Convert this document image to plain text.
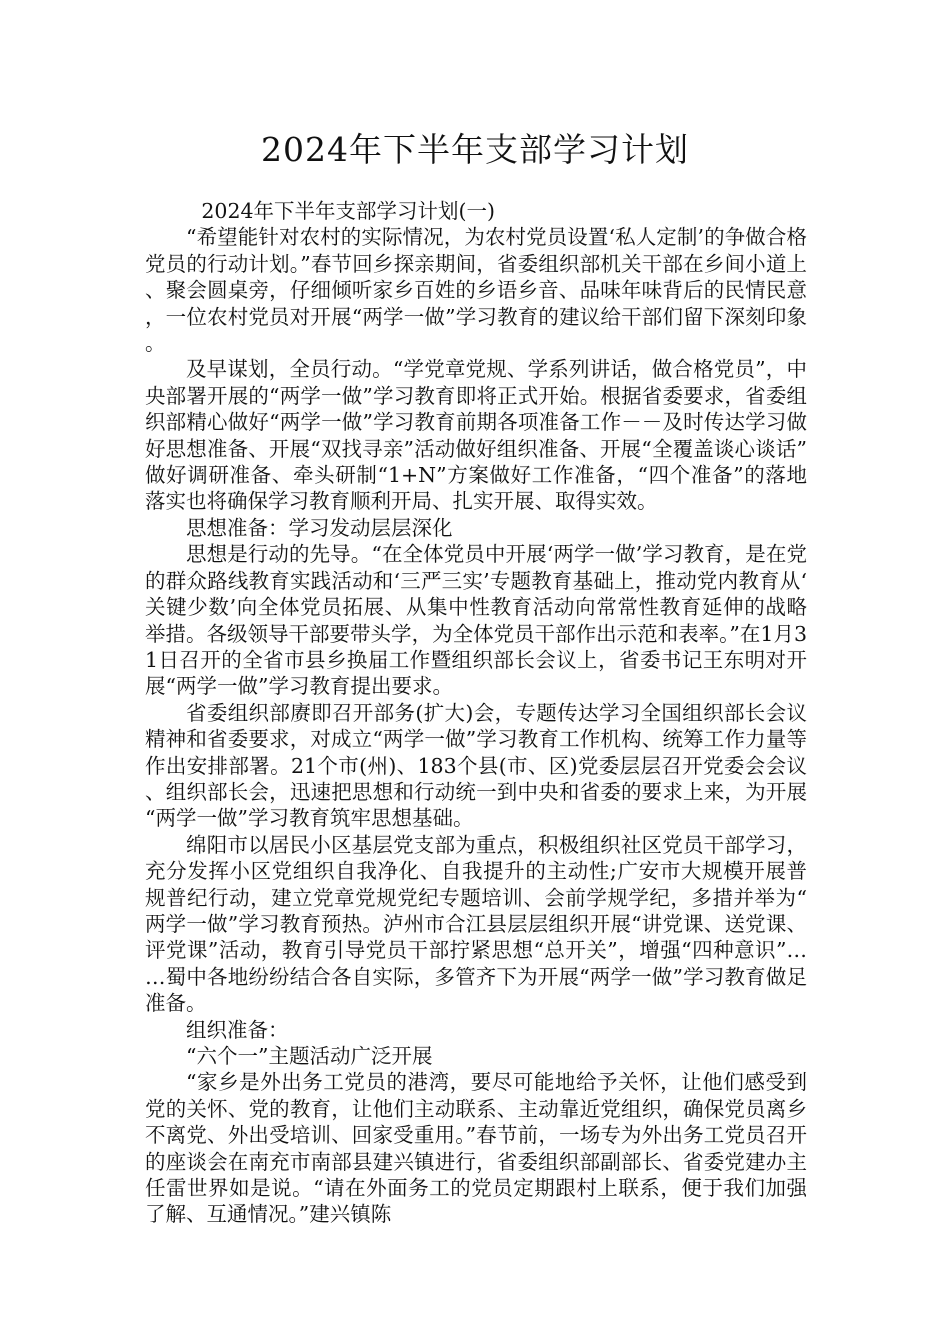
2024年下半年支部学习计划

2024年下半年支部学习计划(一)

“希望能针对农村的实际情况，为农村党员设置‘私人定制’的争做合格党员的行动计划。”春节回乡探亲期间，省委组织部机关干部在乡间小道上、聚会圆桌旁，仔细倾听家乡百姓的乡语乡音、品味年味背后的民情民意，一位农村党员对开展“两学一做”学习教育的建议给干部们留下深刻印象。

及早谋划，全员行动。“学党章党规、学系列讲话，做合格党员”，中央部署开展的“两学一做”学习教育即将正式开始。根据省委要求，省委组织部精心做好“两学一做”学习教育前期各项准备工作－－及时传达学习做好思想准备、开展“双找寻亲”活动做好组织准备、开展“全覆盖谈心谈话”做好调研准备、牵头研制“1+N”方案做好工作准备，“四个准备”的落地落实也将确保学习教育顺利开局、扎实开展、取得实效。

思想准备：学习发动层层深化

思想是行动的先导。“在全体党员中开展‘两学一做’学习教育，是在党的群众路线教育实践活动和‘三严三实’专题教育基础上，推动党内教育从‘关键少数’向全体党员拓展、从集中性教育活动向常常性教育延伸的战略举措。各级领导干部要带头学，为全体党员干部作出示范和表率。”在1月31日召开的全省市县乡换届工作暨组织部长会议上，省委书记王东明对开展“两学一做”学习教育提出要求。

省委组织部赓即召开部务(扩大)会，专题传达学习全国组织部长会议精神和省委要求，对成立“两学一做”学习教育工作机构、统筹工作力量等作出安排部署。21个市(州)、183个县(市、区)党委层层召开党委会会议、组织部长会，迅速把思想和行动统一到中央和省委的要求上来，为开展“两学一做”学习教育筑牢思想基础。

绵阳市以居民小区基层党支部为重点，积极组织社区党员干部学习，充分发挥小区党组织自我净化、自我提升的主动性;广安市大规模开展普规普纪行动，建立党章党规党纪专题培训、会前学规学纪，多措并举为“两学一做”学习教育预热。泸州市合江县层层组织开展“讲党课、送党课、评党课”活动，教育引导党员干部拧紧思想“总开关”，增强“四种意识”……蜀中各地纷纷结合各自实际，多管齐下为开展“两学一做”学习教育做足准备。

组织准备：

“六个一”主题活动广泛开展

“家乡是外出务工党员的港湾，要尽可能地给予关怀，让他们感受到党的关怀、党的教育，让他们主动联系、主动靠近党组织，确保党员离乡不离党、外出受培训、回家受重用。”春节前，一场专为外出务工党员召开的座谈会在南充市南部县建兴镇进行，省委组织部副部长、省委党建办主任雷世界如是说。“请在外面务工的党员定期跟村上联系，便于我们加强了解、互通情况。”建兴镇陈
